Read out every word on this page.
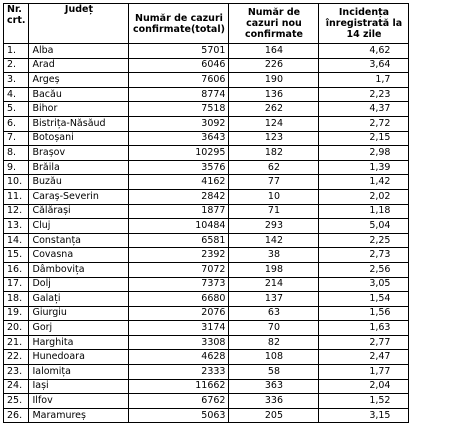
Nr. crt.	Județ	Număr de cazuri confirmate(total)	Număr de cazuri nou confirmate	Incidența înregistrată la 14 zile
1.	Alba	5701	164	4,62
2.	Arad	6046	226	3,64
3.	Argeș	7606	190	1,7
4.	Bacău	8774	136	2,23
5.	Bihor	7518	262	4,37
6.	Bistrița-Năsăud	3092	124	2,72
7.	Botoșani	3643	123	2,15
8.	Brașov	10295	182	2,98
9.	Brăila	3576	62	1,39
10.	Buzău	4162	77	1,42
11.	Caraș-Severin	2842	10	2,02
12.	Călărași	1877	71	1,18
13.	Cluj	10484	293	5,04
14.	Constanța	6581	142	2,25
15.	Covasna	2392	38	2,73
16.	Dâmbovița	7072	198	2,56
17.	Dolj	7373	214	3,05
18.	Galați	6680	137	1,54
19.	Giurgiu	2076	63	1,56
20.	Gorj	3174	70	1,63
21.	Harghita	3308	82	2,77
22.	Hunedoara	4628	108	2,47
23.	Ialomița	2333	58	1,77
24.	Iași	11662	363	2,04
25.	Ilfov	6762	336	1,52
26.	Maramureș	5063	205	3,15
